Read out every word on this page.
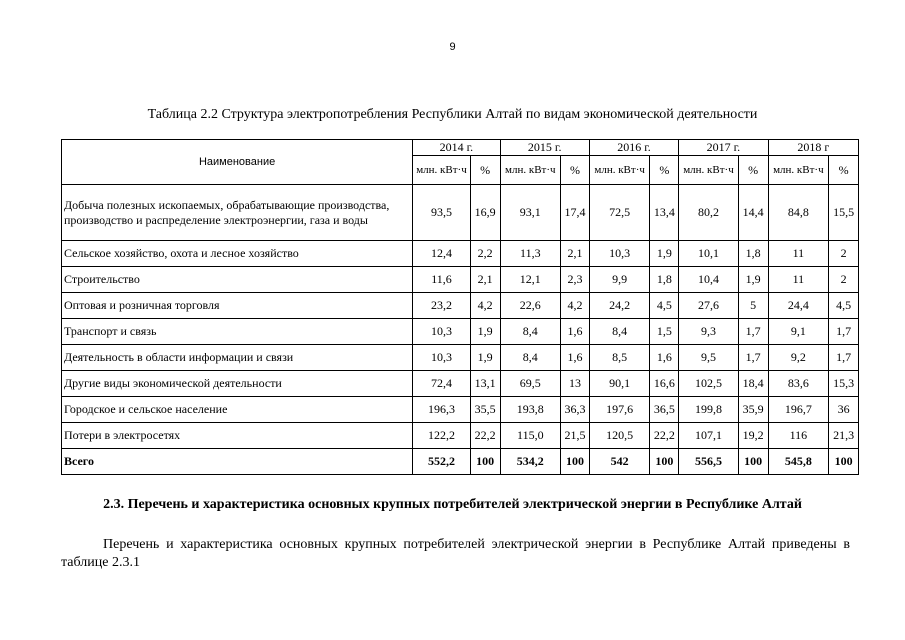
9
Таблица 2.2 Структура электропотребления Республики Алтай по видам экономической деятельности
Наименование	2014 г.		2015 г.		2016 г.		2017 г.		2018 г	
	млн. кВт·ч	%	млн. кВт·ч	%	млн. кВт·ч	%	млн. кВт·ч	%	млн. кВт·ч	%
Добыча полезных ископаемых, обрабатывающие производства, производство и распределение электроэнергии, газа и воды	93,5	16,9	93,1	17,4	72,5	13,4	80,2	14,4	84,8	15,5
Сельское хозяйство, охота и лесное хозяйство	12,4	2,2	11,3	2,1	10,3	1,9	10,1	1,8	11	2
Строительство	11,6	2,1	12,1	2,3	9,9	1,8	10,4	1,9	11	2
Оптовая и розничная торговля	23,2	4,2	22,6	4,2	24,2	4,5	27,6	5	24,4	4,5
Транспорт и связь	10,3	1,9	8,4	1,6	8,4	1,5	9,3	1,7	9,1	1,7
Деятельность в области информации и связи	10,3	1,9	8,4	1,6	8,5	1,6	9,5	1,7	9,2	1,7
Другие виды экономической деятельности	72,4	13,1	69,5	13	90,1	16,6	102,5	18,4	83,6	15,3
Городское и сельское население	196,3	35,5	193,8	36,3	197,6	36,5	199,8	35,9	196,7	36
Потери в электросетях	122,2	22,2	115,0	21,5	120,5	22,2	107,1	19,2	116	21,3
Всего	552,2	100	534,2	100	542	100	556,5	100	545,8	100
2.3. Перечень и характеристика основных крупных потребителей электрической энергии в Республике Алтай
Перечень и характеристика основных крупных потребителей электрической энергии в Республике Алтай приведены в таблице 2.3.1
